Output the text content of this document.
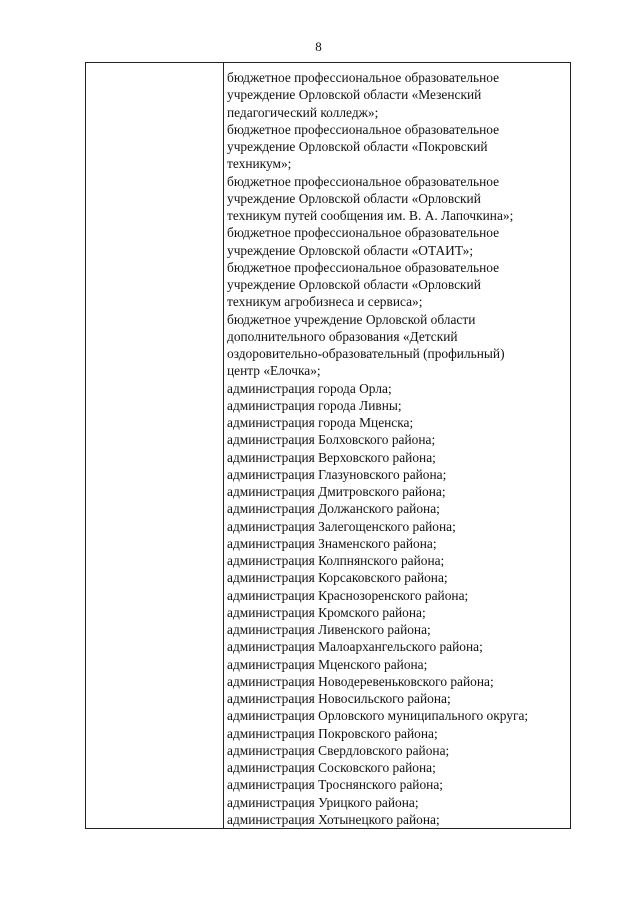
8
бюджетное профессиональное образовательное
учреждение Орловской области «Мезенский
педагогический колледж»;
бюджетное профессиональное образовательное
учреждение Орловской области «Покровский
техникум»;
бюджетное профессиональное образовательное
учреждение Орловской области «Орловский
техникум путей сообщения им. В. А. Лапочкина»;
бюджетное профессиональное образовательное
учреждение Орловской области «ОТАИТ»;
бюджетное профессиональное образовательное
учреждение Орловской области «Орловский
техникум агробизнеса и сервиса»;
бюджетное учреждение Орловской области
дополнительного образования «Детский
оздоровительно-образовательный (профильный)
центр «Елочка»;
администрация города Орла;
администрация города Ливны;
администрация города Мценска;
администрация Болховского района;
администрация Верховского района;
администрация Глазуновского района;
администрация Дмитровского района;
администрация Должанского района;
администрация Залегощенского района;
администрация Знаменского района;
администрация Колпнянского района;
администрация Корсаковского района;
администрация Краснозоренского района;
администрация Кромского района;
администрация Ливенского района;
администрация Малоархангельского района;
администрация Мценского района;
администрация Новодеревеньковского района;
администрация Новосильского района;
администрация Орловского муниципального округа;
администрация Покровского района;
администрация Свердловского района;
администрация Сосковского района;
администрация Троснянского района;
администрация Урицкого района;
администрация Хотынецкого района;
